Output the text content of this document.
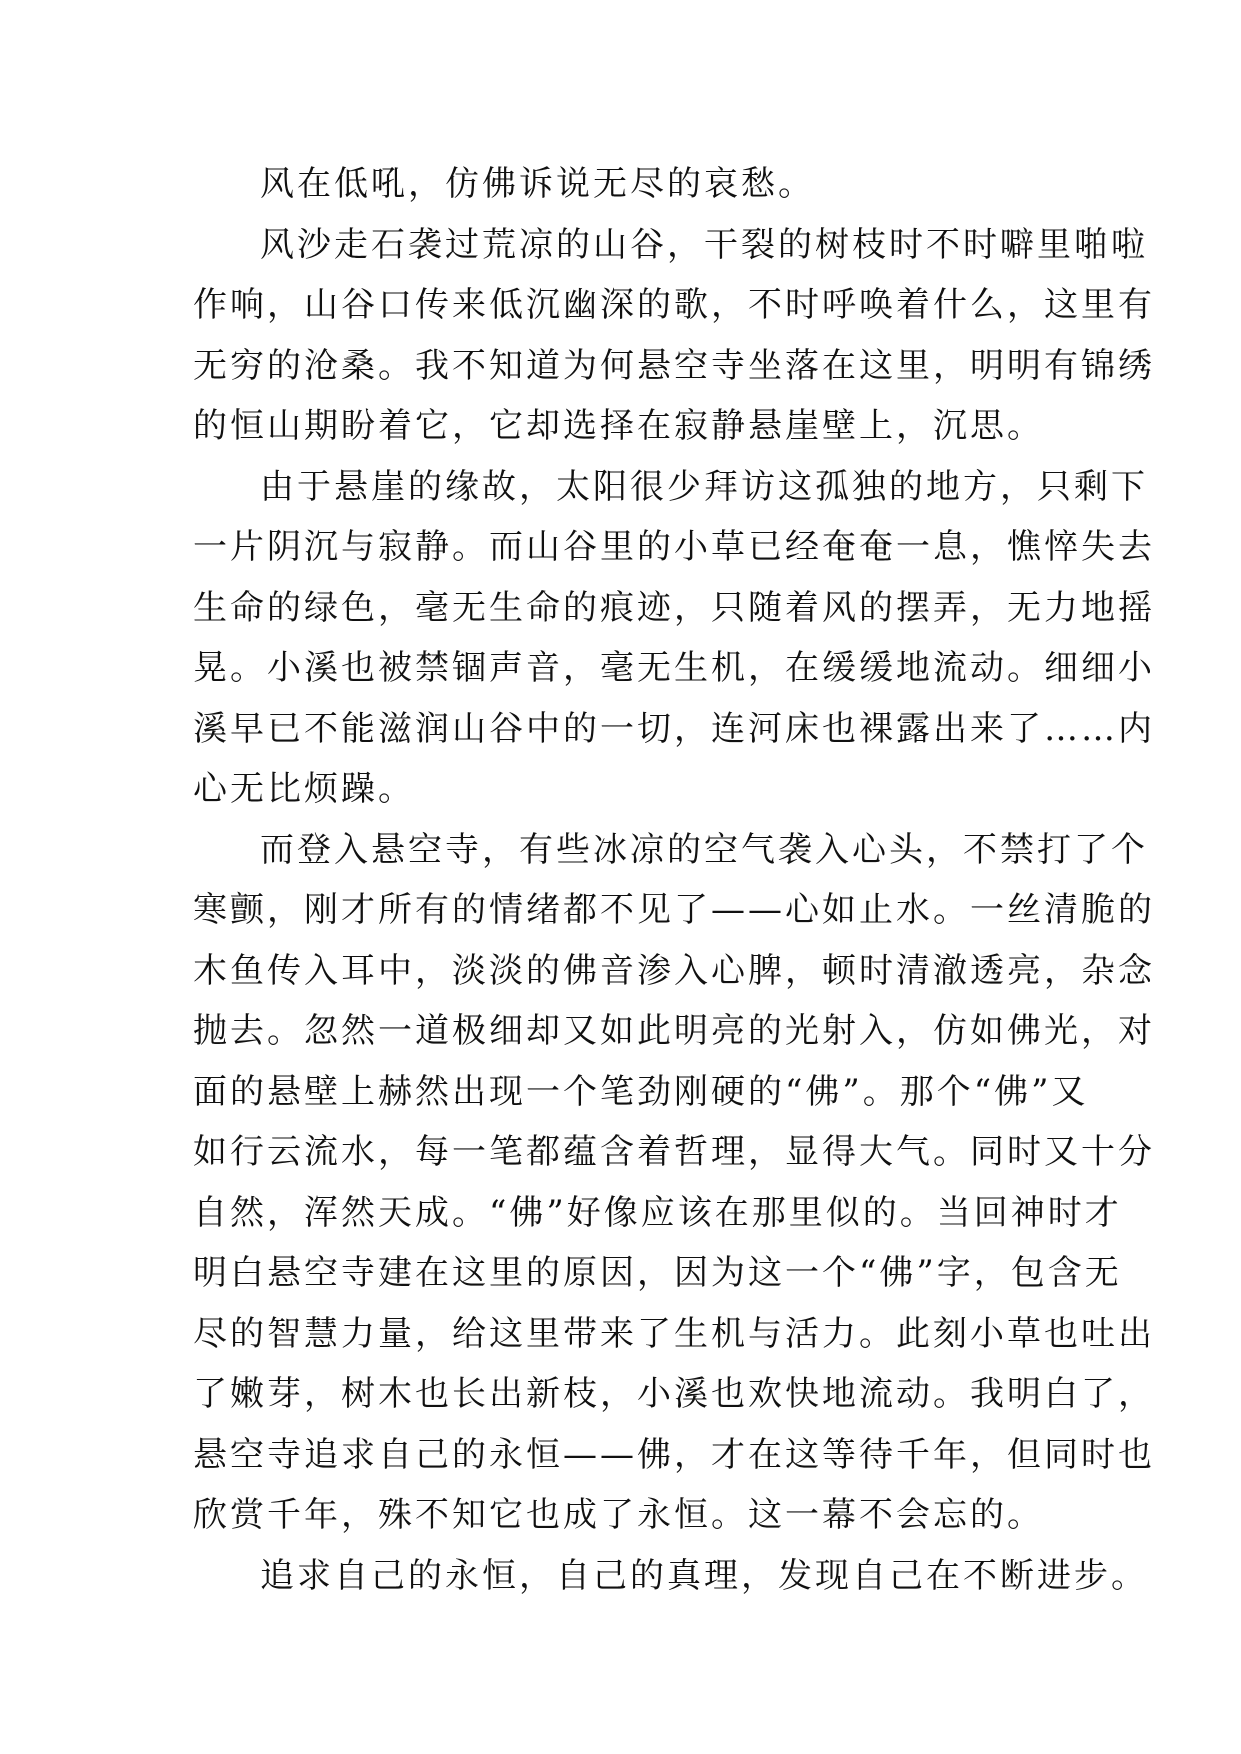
风在低吼，仿佛诉说无尽的哀愁。

风沙走石袭过荒凉的山谷，干裂的树枝时不时噼里啪啦

作响，山谷口传来低沉幽深的歌，不时呼唤着什么，这里有

无穷的沧桑。我不知道为何悬空寺坐落在这里，明明有锦绣

的恒山期盼着它，它却选择在寂静悬崖壁上，沉思。

由于悬崖的缘故，太阳很少拜访这孤独的地方，只剩下

一片阴沉与寂静。而山谷里的小草已经奄奄一息，憔悴失去

生命的绿色，毫无生命的痕迹，只随着风的摆弄，无力地摇

晃。小溪也被禁锢声音，毫无生机，在缓缓地流动。细细小

溪早已不能滋润山谷中的一切，连河床也裸露出来了……内

心无比烦躁。

而登入悬空寺，有些冰凉的空气袭入心头，不禁打了个

寒颤，刚才所有的情绪都不见了——心如止水。一丝清脆的

木鱼传入耳中，淡淡的佛音渗入心脾，顿时清澈透亮，杂念

抛去。忽然一道极细却又如此明亮的光射入，仿如佛光，对

面的悬壁上赫然出现一个笔劲刚硬的“佛”。那个“佛”又

如行云流水，每一笔都蕴含着哲理，显得大气。同时又十分

自然，浑然天成。“佛”好像应该在那里似的。当回神时才

明白悬空寺建在这里的原因，因为这一个“佛”字，包含无

尽的智慧力量，给这里带来了生机与活力。此刻小草也吐出

了嫩芽，树木也长出新枝，小溪也欢快地流动。我明白了，

悬空寺追求自己的永恒——佛，才在这等待千年，但同时也

欣赏千年，殊不知它也成了永恒。这一幕不会忘的。

追求自己的永恒，自己的真理，发现自己在不断进步。
